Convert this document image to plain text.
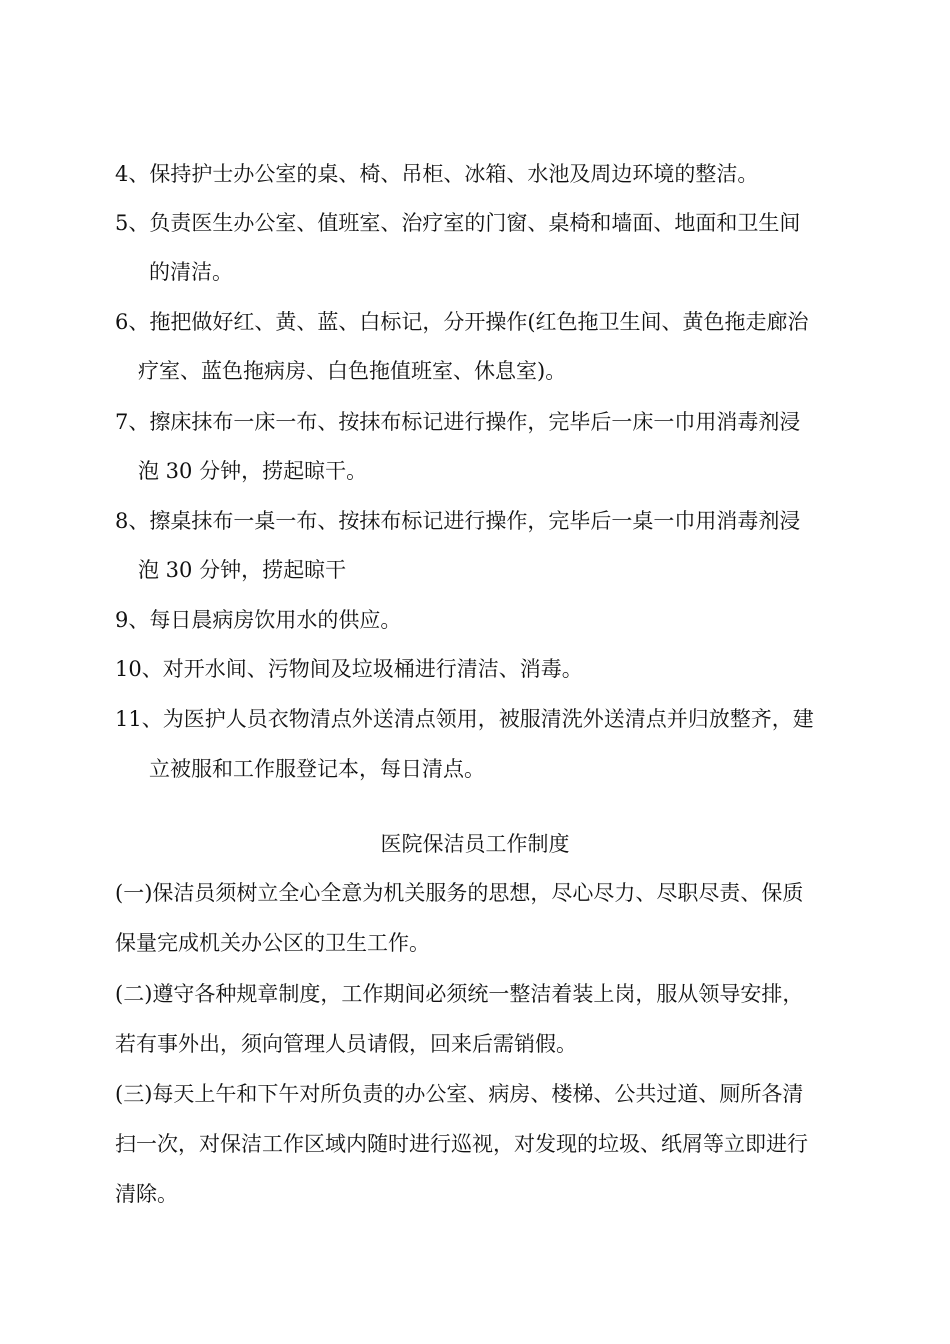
4、保持护士办公室的桌、椅、吊柜、冰箱、水池及周边环境的整洁。
5、负责医生办公室、值班室、治疗室的门窗、桌椅和墙面、地面和卫生间
的清洁。
6、拖把做好红、黄、蓝、白标记，分开操作(红色拖卫生间、黄色拖走廊治
疗室、蓝色拖病房、白色拖值班室、休息室)。
7、擦床抹布一床一布、按抹布标记进行操作，完毕后一床一巾用消毒剂浸
泡 30 分钟，捞起晾干。
8、擦桌抹布一桌一布、按抹布标记进行操作，完毕后一桌一巾用消毒剂浸
泡 30 分钟，捞起晾干
9、每日晨病房饮用水的供应。
10、对开水间、污物间及垃圾桶进行清洁、消毒。
11、为医护人员衣物清点外送清点领用，被服清洗外送清点并归放整齐，建
立被服和工作服登记本，每日清点。
医院保洁员工作制度
(一)保洁员须树立全心全意为机关服务的思想，尽心尽力、尽职尽责、保质
保量完成机关办公区的卫生工作。
(二)遵守各种规章制度，工作期间必须统一整洁着装上岗，服从领导安排，
若有事外出，须向管理人员请假，回来后需销假。
(三)每天上午和下午对所负责的办公室、病房、楼梯、公共过道、厕所各清
扫一次，对保洁工作区域内随时进行巡视，对发现的垃圾、纸屑等立即进行
清除。
